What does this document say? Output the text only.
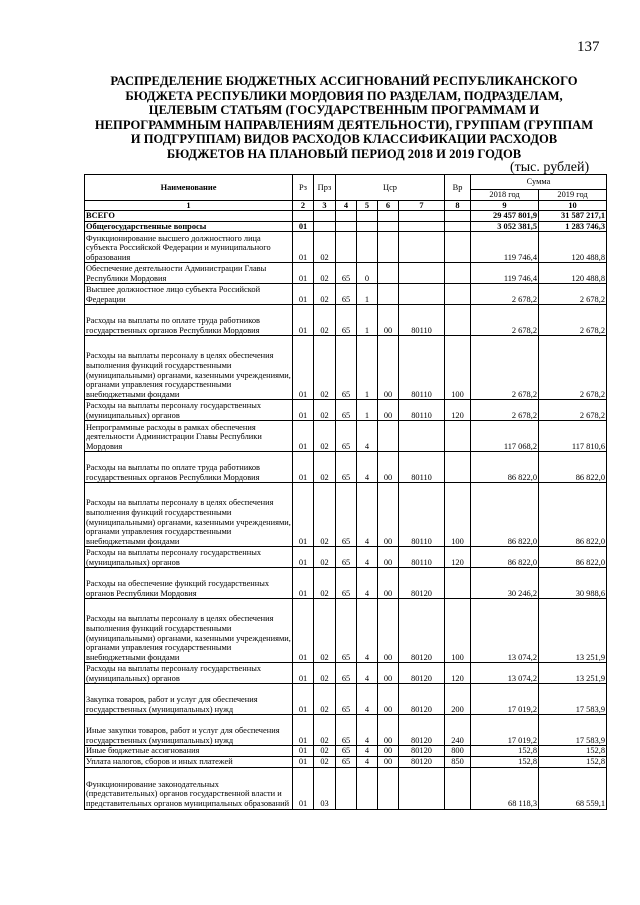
137
РАСПРЕДЕЛЕНИЕ БЮДЖЕТНЫХ АССИГНОВАНИЙ РЕСПУБЛИКАНСКОГО
БЮДЖЕТА РЕСПУБЛИКИ МОРДОВИЯ ПО РАЗДЕЛАМ, ПОДРАЗДЕЛАМ,
ЦЕЛЕВЫМ СТАТЬЯМ (ГОСУДАРСТВЕННЫМ ПРОГРАММАМ И
НЕПРОГРАММНЫМ НАПРАВЛЕНИЯМ ДЕЯТЕЛЬНОСТИ), ГРУППАМ (ГРУППАМ
И ПОДГРУППАМ) ВИДОВ РАСХОДОВ КЛАССИФИКАЦИИ РАСХОДОВ
БЮДЖЕТОВ НА ПЛАНОВЫЙ ПЕРИОД 2018 И 2019 ГОДОВ
(тыс. рублей)
Наименование	Рз	Прз	Цср				Вр	Сумма	
								2018 год	2019 год
1	2	3	4	5	6	7	8	9	10
ВСЕГО								29 457 801,9	31 587 217,1
Общегосударственные вопросы	01							3 052 381,5	1 283 746,3
Функционирование высшего должностного лица субъекта Российской Федерации и муниципального образования	01	02						119 746,4	120 488,8
Обеспечение деятельности Администрации Главы Республики Мордовия	01	02	65	0				119 746,4	120 488,8
Высшее должностное лицо субъекта Российской Федерации	01	02	65	1				2 678,2	2 678,2
Расходы на выплаты по оплате труда работников государственных органов Республики Мордовия	01	02	65	1	00	80110		2 678,2	2 678,2
Расходы на выплаты персоналу в целях обеспечения выполнения функций государственными (муниципальными) органами, казенными учреждениями, органами управления государственными внебюджетными фондами	01	02	65	1	00	80110	100	2 678,2	2 678,2
Расходы на выплаты персоналу государственных (муниципальных) органов	01	02	65	1	00	80110	120	2 678,2	2 678,2
Непрограммные расходы в рамках обеспечения деятельности Администрации Главы Республики Мордовия	01	02	65	4				117 068,2	117 810,6
Расходы на выплаты по оплате труда работников государственных органов Республики Мордовия	01	02	65	4	00	80110		86 822,0	86 822,0
Расходы на выплаты персоналу в целях обеспечения выполнения функций государственными (муниципальными) органами, казенными учреждениями, органами управления государственными внебюджетными фондами	01	02	65	4	00	80110	100	86 822,0	86 822,0
Расходы на выплаты персоналу государственных (муниципальных) органов	01	02	65	4	00	80110	120	86 822,0	86 822,0
Расходы на обеспечение функций государственных органов Республики Мордовия	01	02	65	4	00	80120		30 246,2	30 988,6
Расходы на выплаты персоналу в целях обеспечения выполнения функций государственными (муниципальными) органами, казенными учреждениями, органами управления государственными внебюджетными фондами	01	02	65	4	00	80120	100	13 074,2	13 251,9
Расходы на выплаты персоналу государственных (муниципальных) органов	01	02	65	4	00	80120	120	13 074,2	13 251,9
Закупка товаров, работ и услуг для обеспечения государственных (муниципальных) нужд	01	02	65	4	00	80120	200	17 019,2	17 583,9
Иные закупки товаров, работ и услуг для обеспечения государственных (муниципальных) нужд	01	02	65	4	00	80120	240	17 019,2	17 583,9
Иные бюджетные ассигнования	01	02	65	4	00	80120	800	152,8	152,8
Уплата налогов, сборов и иных платежей	01	02	65	4	00	80120	850	152,8	152,8
Функционирование законодательных (представительных) органов государственной власти и представительных органов муниципальных образований	01	03						68 118,3	68 559,1
